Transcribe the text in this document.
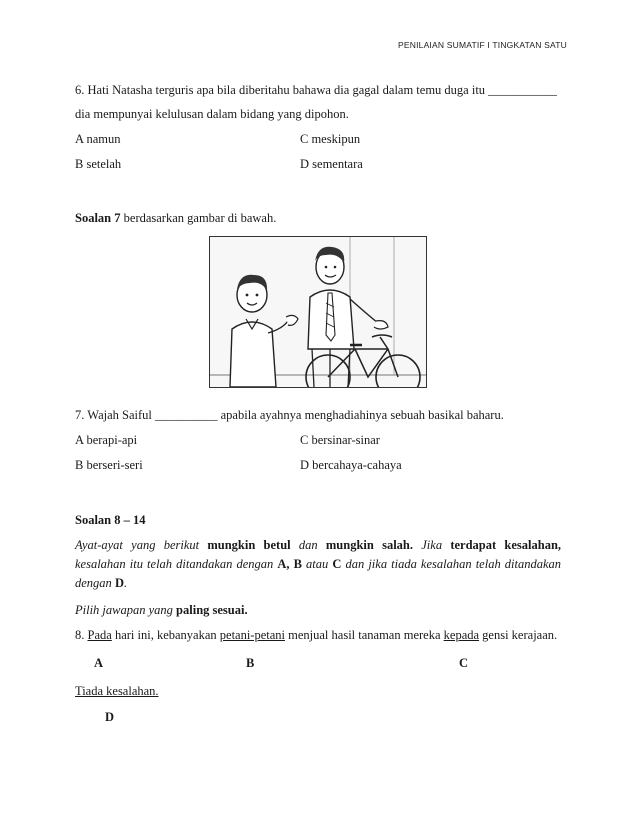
PENILAIAN SUMATIF I TINGKATAN SATU
6. Hati Natasha terguris apa bila diberitahu bahawa dia gagal dalam temu duga itu ___________
dia mempunyai kelulusan dalam bidang yang dipohon.
A namun	C meskipun
B setelah	D sementara
Soalan 7 berdasarkan gambar di bawah.
7. Wajah Saiful __________ apabila ayahnya menghadiahinya sebuah basikal baharu.
A berapi-api	C bersinar-sinar
B berseri-seri	D bercahaya-cahaya
Soalan 8 – 14
Ayat-ayat yang berikut mungkin betul dan mungkin salah. Jika terdapat kesalahan, kesalahan itu telah ditandakan dengan A, B atau C dan jika tiada kesalahan telah ditandakan dengan D.
Pilih jawapan yang paling sesuai.
8. Pada hari ini, kebanyakan petani-petani menjual hasil tanaman mereka kepada gensi kerajaan.
A	B	C
Tiada kesalahan.
D
